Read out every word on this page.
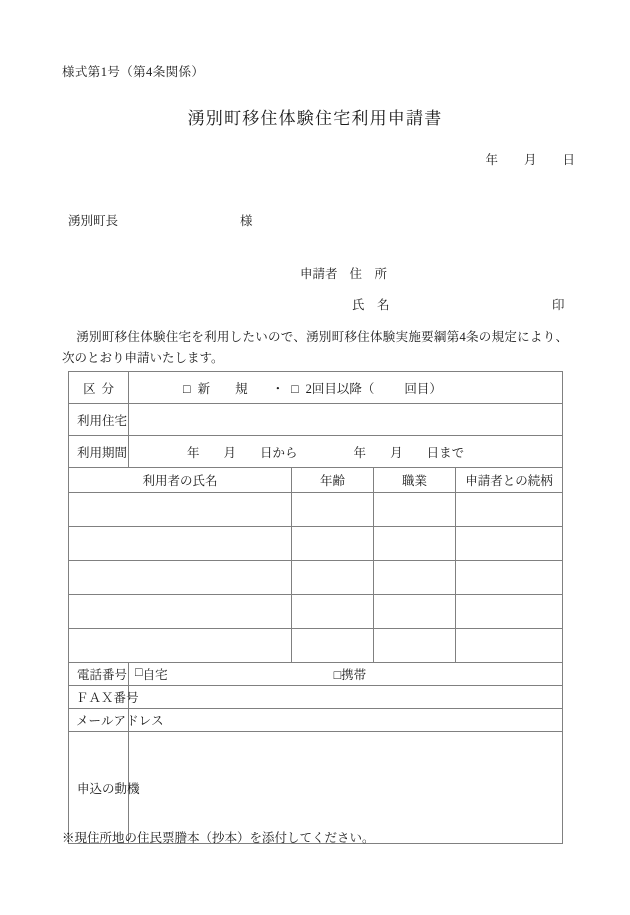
様式第1号（第4条関係）
湧別町移住体験住宅利用申請書
年 月 日
湧別町長	様
申請者 住　所
氏　名	印
湧別町移住体験住宅を利用したいので、湧別町移住体験実施要綱第4条の規定により、次のとおり申請いたします。
区 分	□ 新　　規 ・ □ 2回目以降（ 回目）			

利 用 住 宅				

利 用 期 間	年 月 日から 年 月 日まで			

利用者の氏名		年齢	職業	申請者との続柄

電 話 番 号	□ 自宅 □携帯			

Ｆ Ａ Ｘ 番 号				

メ ー ル ア ド レ ス

申 込 の 動 機				

※現住所地の住民票謄本（抄本）を添付してください。
